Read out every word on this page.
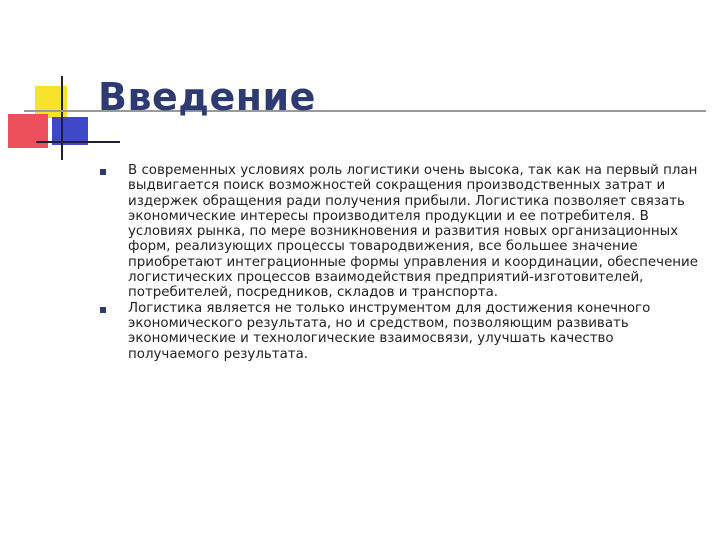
Введение
В современных условиях роль логистики очень высока, так как на первый план выдвигается поиск возможностей сокращения производственных затрат и издержек обращения ради получения прибыли. Логистика позволяет связать экономические интересы производителя продукции и ее потребителя. В условиях рынка, по мере возникновения и развития новых организационных форм, реализующих процессы товародвижения, все большее значение приобретают интеграционные формы управления и координации, обеспечение логистических процессов взаимодействия предприятий-изготовителей, потребителей, посредников, складов и транспорта.
Логистика является не только инструментом для достижения конечного экономического результата, но и средством, позволяющим развивать экономические и технологические взаимосвязи, улучшать качество получаемого результата.
